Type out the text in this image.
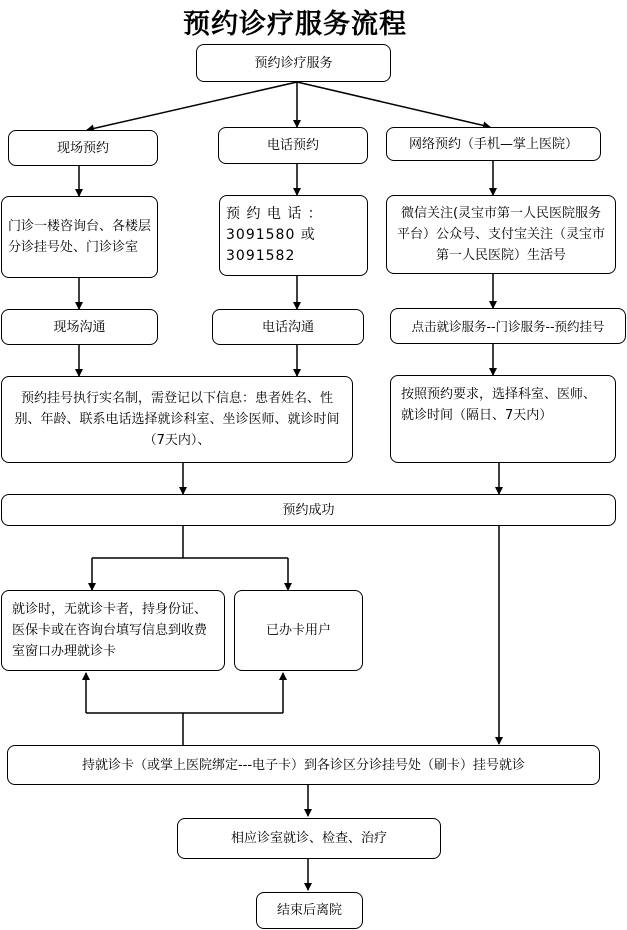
预约诊疗服务流程
预约诊疗服务
现场预约	电话预约	网络预约（手机—掌上医院）
门诊一楼咨询台、各楼层分诊挂号处、门诊诊室
预 约 电 话 ： 3091580 或 3091582
微信关注(灵宝市第一人民医院服务平台）公众号、支付宝关注（灵宝市第一人民医院）生活号
现场沟通	电话沟通	点击就诊服务--门诊服务--预约挂号
预约挂号执行实名制，需登记以下信息：患者姓名、性别、年龄、联系电话选择就诊科室、坐诊医师、就诊时间（7天内）、
按照预约要求，选择科室、医师、就诊时间（隔日、7天内）
预约成功
就诊时，无就诊卡者，持身份证、医保卡或在咨询台填写信息到收费室窗口办理就诊卡
已办卡用户
持就诊卡（或掌上医院绑定---电子卡）到各诊区分诊挂号处（刷卡）挂号就诊
相应诊室就诊、检查、治疗
结束后离院
